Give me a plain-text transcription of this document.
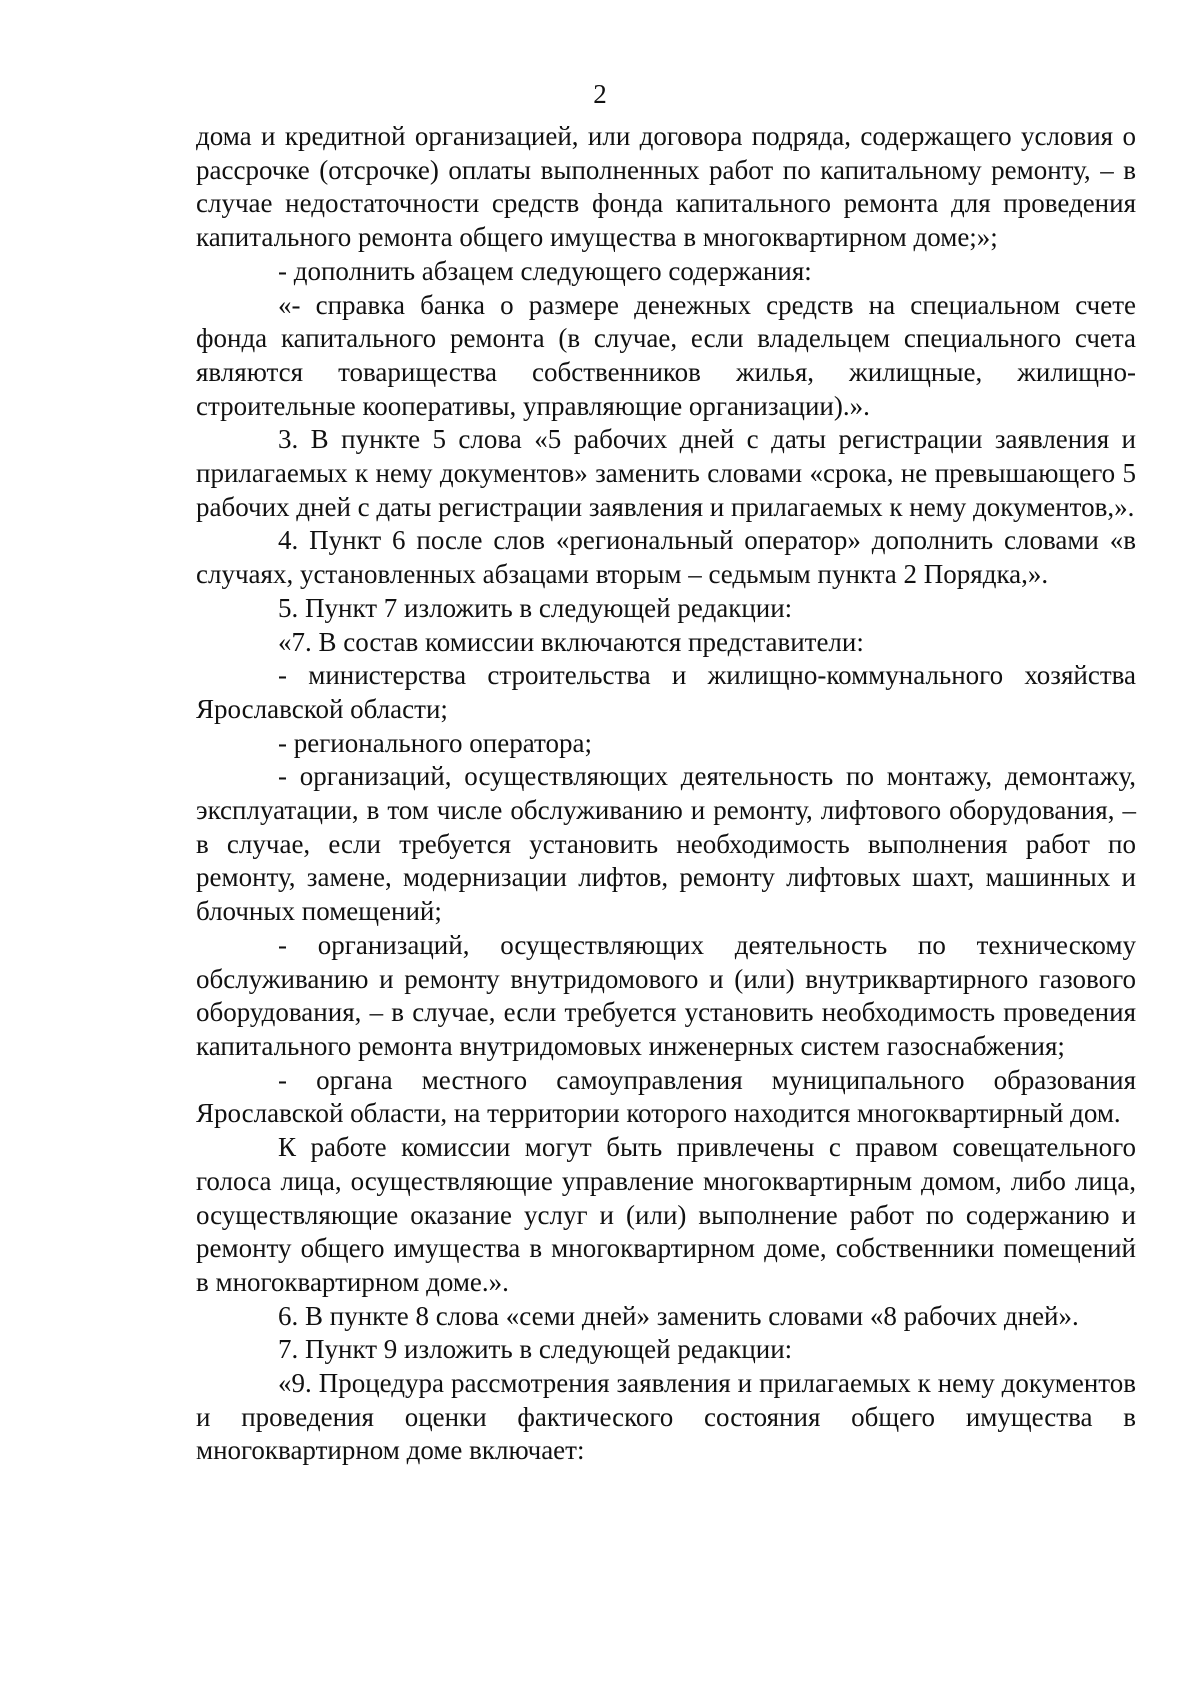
2

дома и кредитной организацией, или договора подряда, содержащего условия о рассрочке (отсрочке) оплаты выполненных работ по капитальному ремонту, – в случае недостаточности средств фонда капитального ремонта для проведения капитального ремонта общего имущества в многоквартирном доме;»;

- дополнить абзацем следующего содержания:

«- справка банка о размере денежных средств на специальном счете фонда капитального ремонта (в случае, если владельцем специального счета являются товарищества собственников жилья, жилищные, жилищно-строительные кооперативы, управляющие организации).».

3. В пункте 5 слова «5 рабочих дней с даты регистрации заявления и прилагаемых к нему документов» заменить словами «срока, не превышающего 5 рабочих дней с даты регистрации заявления и прилагаемых к нему документов,».

4. Пункт 6 после слов «региональный оператор» дополнить словами «в случаях, установленных абзацами вторым – седьмым пункта 2 Порядка,».

5. Пункт 7 изложить в следующей редакции:

«7. В состав комиссии включаются представители:

- министерства строительства и жилищно-коммунального хозяйства Ярославской области;

- регионального оператора;

- организаций, осуществляющих деятельность по монтажу, демонтажу, эксплуатации, в том числе обслуживанию и ремонту, лифтового оборудования, – в случае, если требуется установить необходимость выполнения работ по ремонту, замене, модернизации лифтов, ремонту лифтовых шахт, машинных и блочных помещений;

- организаций, осуществляющих деятельность по техническому обслуживанию и ремонту внутридомового и (или) внутриквартирного газового оборудования, – в случае, если требуется установить необходимость проведения капитального ремонта внутридомовых инженерных систем газоснабжения;

- органа местного самоуправления муниципального образования Ярославской области, на территории которого находится многоквартирный дом.

К работе комиссии могут быть привлечены с правом совещательного голоса лица, осуществляющие управление многоквартирным домом, либо лица, осуществляющие оказание услуг и (или) выполнение работ по содержанию и ремонту общего имущества в многоквартирном доме, собственники помещений в многоквартирном доме.».

6. В пункте 8 слова «семи дней» заменить словами «8 рабочих дней».

7. Пункт 9 изложить в следующей редакции:

«9. Процедура рассмотрения заявления и прилагаемых к нему документов и проведения оценки фактического состояния общего имущества в многоквартирном доме включает:
